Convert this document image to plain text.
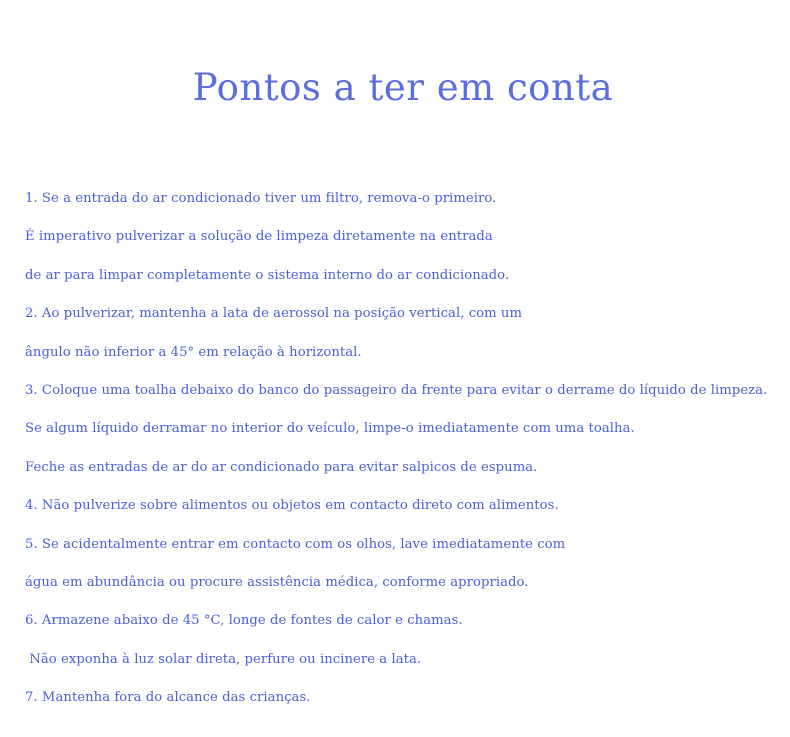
Pontos a ter em conta
1. Se a entrada do ar condicionado tiver um filtro, remova-o primeiro.
É imperativo pulverizar a solução de limpeza diretamente na entrada
de ar para limpar completamente o sistema interno do ar condicionado.
2. Ao pulverizar, mantenha a lata de aerossol na posição vertical, com um
ângulo não inferior a 45° em relação à horizontal.
3. Coloque uma toalha debaixo do banco do passageiro da frente para evitar o derrame do líquido de limpeza.
Se algum líquido derramar no interior do veículo, limpe-o imediatamente com uma toalha.
Feche as entradas de ar do ar condicionado para evitar salpicos de espuma.
4. Não pulverize sobre alimentos ou objetos em contacto direto com alimentos.
5. Se acidentalmente entrar em contacto com os olhos, lave imediatamente com
água em abundância ou procure assistência médica, conforme apropriado.
6. Armazene abaixo de 45 °C, longe de fontes de calor e chamas.
Não exponha à luz solar direta, perfure ou incinere a lata.
7. Mantenha fora do alcance das crianças.
